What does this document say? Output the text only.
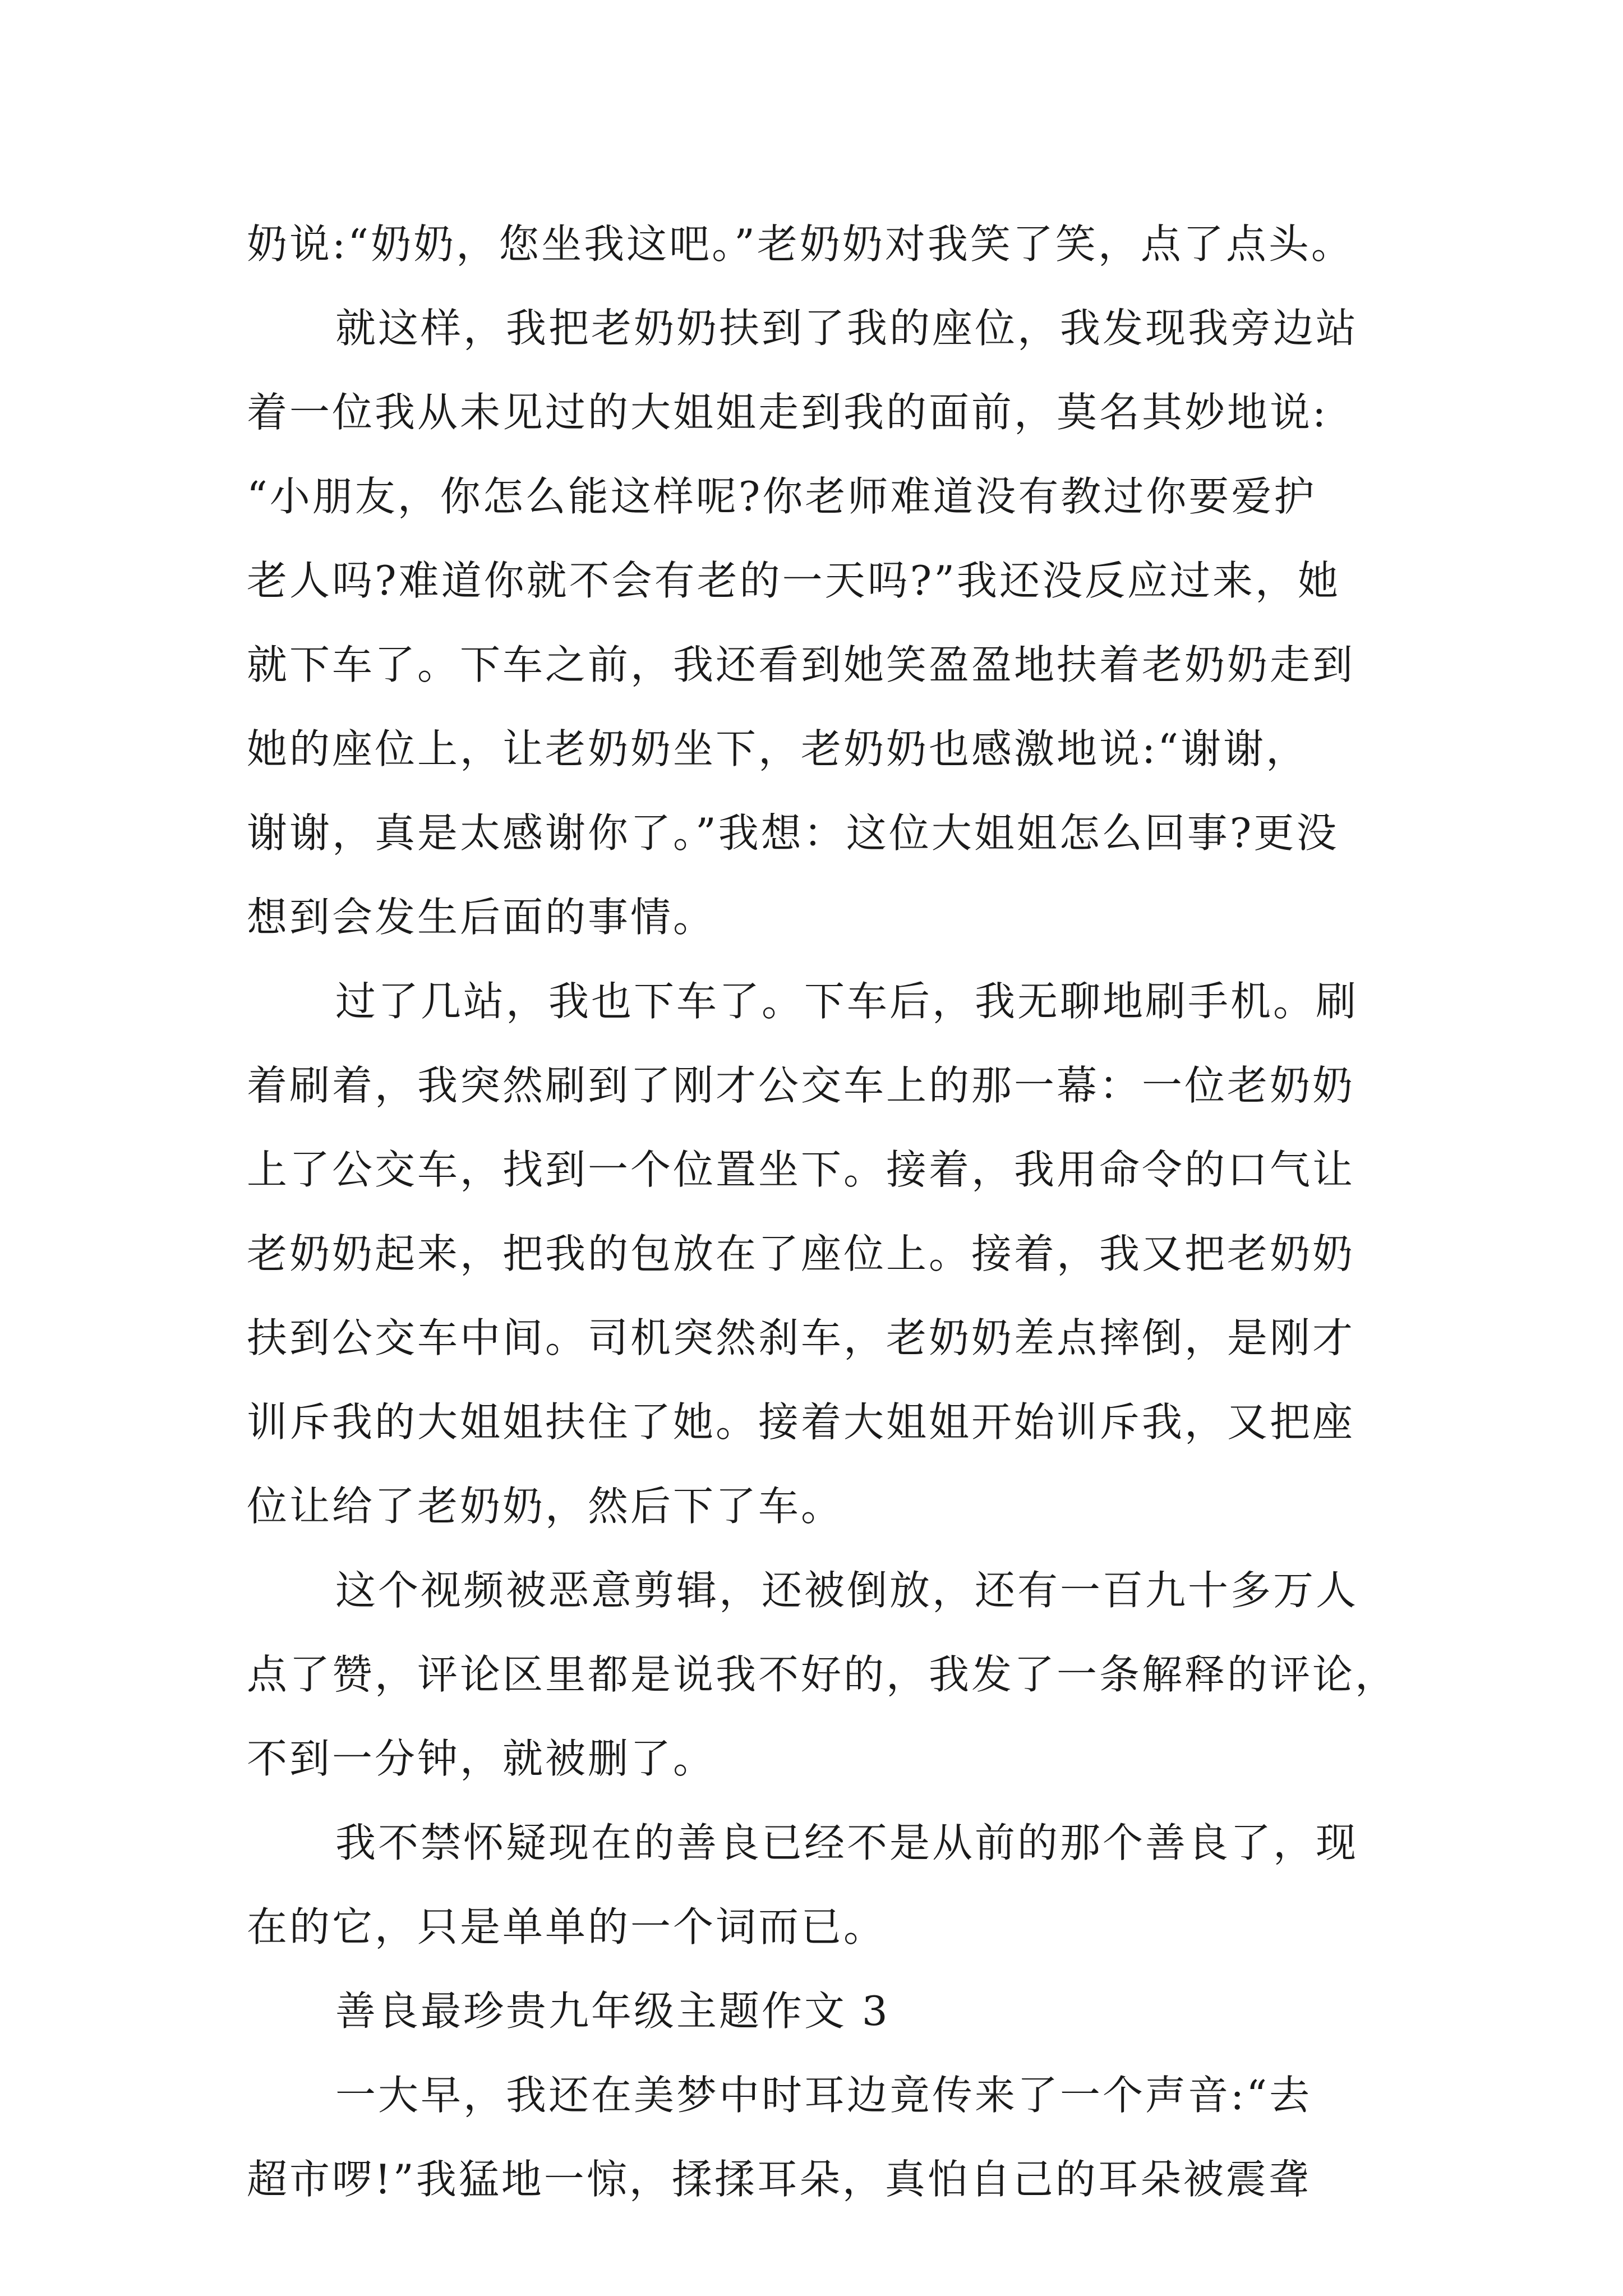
奶说:“奶奶，您坐我这吧。”老奶奶对我笑了笑，点了点头。
就这样，我把老奶奶扶到了我的座位，我发现我旁边站
着一位我从未见过的大姐姐走到我的面前，莫名其妙地说:
“小朋友，你怎么能这样呢?你老师难道没有教过你要爱护
老人吗?难道你就不会有老的一天吗?”我还没反应过来，她
就下车了。下车之前，我还看到她笑盈盈地扶着老奶奶走到
她的座位上，让老奶奶坐下，老奶奶也感激地说:“谢谢，
谢谢，真是太感谢你了。”我想：这位大姐姐怎么回事?更没
想到会发生后面的事情。
过了几站，我也下车了。下车后，我无聊地刷手机。刷
着刷着，我突然刷到了刚才公交车上的那一幕：一位老奶奶
上了公交车，找到一个位置坐下。接着，我用命令的口气让
老奶奶起来，把我的包放在了座位上。接着，我又把老奶奶
扶到公交车中间。司机突然刹车，老奶奶差点摔倒，是刚才
训斥我的大姐姐扶住了她。接着大姐姐开始训斥我，又把座
位让给了老奶奶，然后下了车。
这个视频被恶意剪辑，还被倒放，还有一百九十多万人
点了赞，评论区里都是说我不好的，我发了一条解释的评论，
不到一分钟，就被删了。
我不禁怀疑现在的善良已经不是从前的那个善良了，现
在的它，只是单单的一个词而已。
善良最珍贵九年级主题作文 3
一大早，我还在美梦中时耳边竟传来了一个声音:“去
超市啰!”我猛地一惊，揉揉耳朵，真怕自己的耳朵被震聋
